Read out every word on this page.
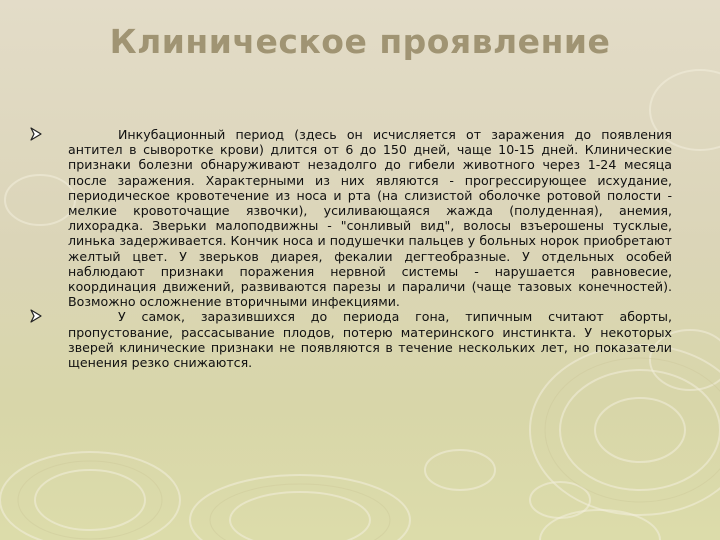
Клиническое проявление

Инкубационный период (здесь он исчисляется от заражения до появления антител в сыворотке крови) длится от 6 до 150 дней, чаще 10-15 дней. Клинические признаки болезни обнаруживают незадолго до гибели животного через 1-24 месяца после заражения. Характерными из них являются - прогрессирующее исхудание, периодическое кровотечение из носа и рта (на слизистой оболочке ротовой полости - мелкие кровоточащие язвочки), усиливающаяся жажда (полуденная), анемия, лихорадка. Зверьки малоподвижны - "сонливый вид", волосы взъерошены тусклые, линька задерживается. Кончик носа и подушечки пальцев у больных норок приобретают желтый цвет. У зверьков диарея, фекалии дегтеобразные. У отдельных особей наблюдают признаки поражения нервной системы - нарушается равновесие, координация движений, развиваются парезы и параличи (чаще тазовых конечностей). Возможно осложнение вторичными инфекциями.

У самок, заразившихся до периода гона, типичным считают аборты, пропустование, рассасывание плодов, потерю материнского инстинкта. У некоторых зверей клинические признаки не появляются в течение нескольких лет, но показатели щенения резко снижаются.
